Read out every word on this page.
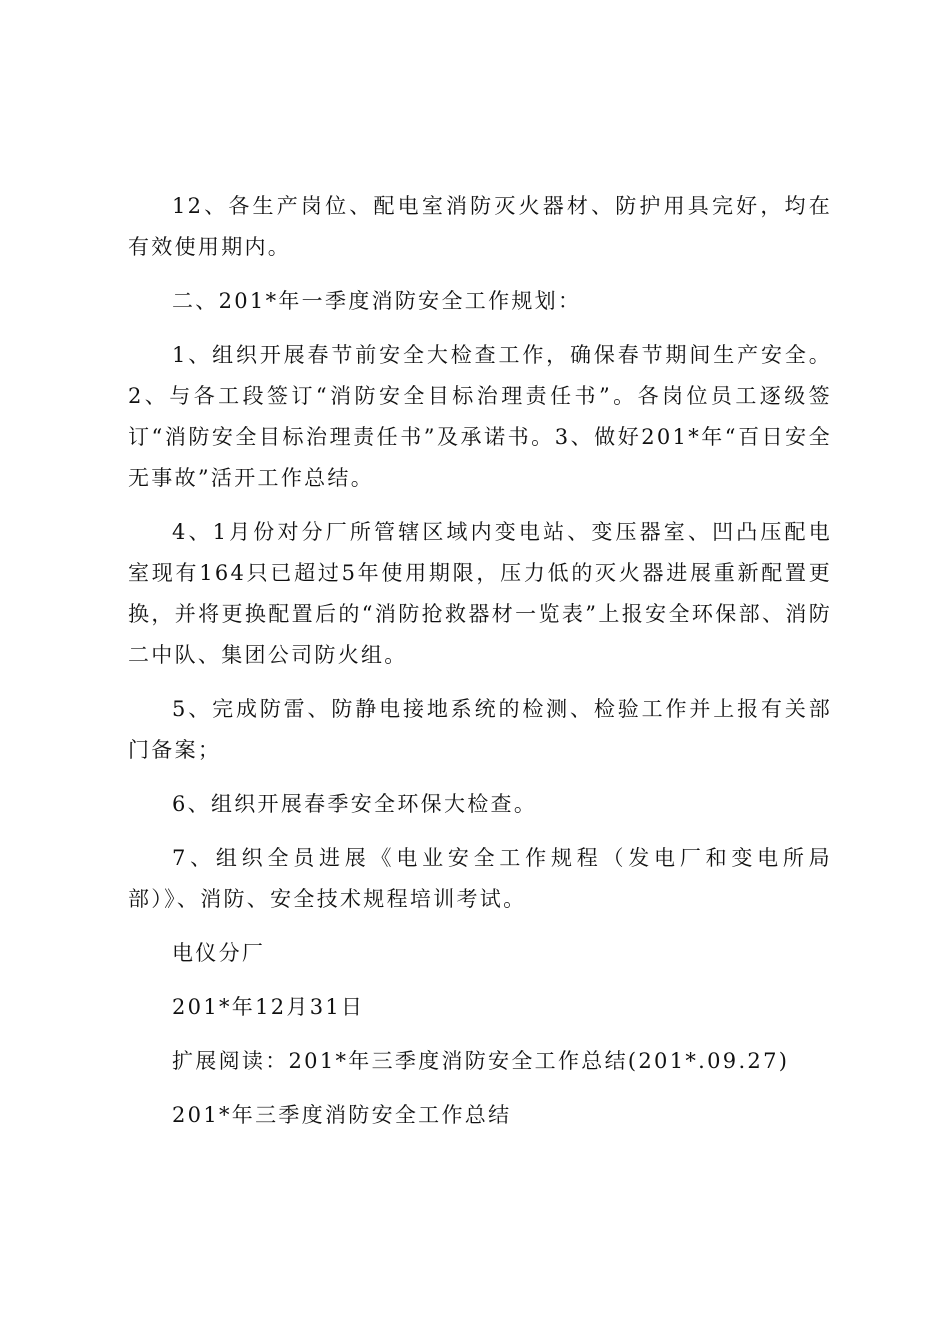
12、各生产岗位、配电室消防灭火器材、防护用具完好，均在有效使用期内。

二、201*年一季度消防安全工作规划：

1、组织开展春节前安全大检查工作，确保春节期间生产安全。2、与各工段签订“消防安全目标治理责任书”。各岗位员工逐级签订“消防安全目标治理责任书”及承诺书。3、做好201*年“百日安全无事故”活开工作总结。

4、1月份对分厂所管辖区域内变电站、变压器室、凹凸压配电室现有164只已超过5年使用期限，压力低的灭火器进展重新配置更换，并将更换配置后的“消防抢救器材一览表”上报安全环保部、消防二中队、集团公司防火组。

5、完成防雷、防静电接地系统的检测、检验工作并上报有关部门备案；

6、组织开展春季安全环保大检查。

7、组织全员进展《电业安全工作规程（发电厂和变电所局部）》、消防、安全技术规程培训考试。

电仪分厂

201*年12月31日

扩展阅读：201*年三季度消防安全工作总结(201*.09.27)

201*年三季度消防安全工作总结
